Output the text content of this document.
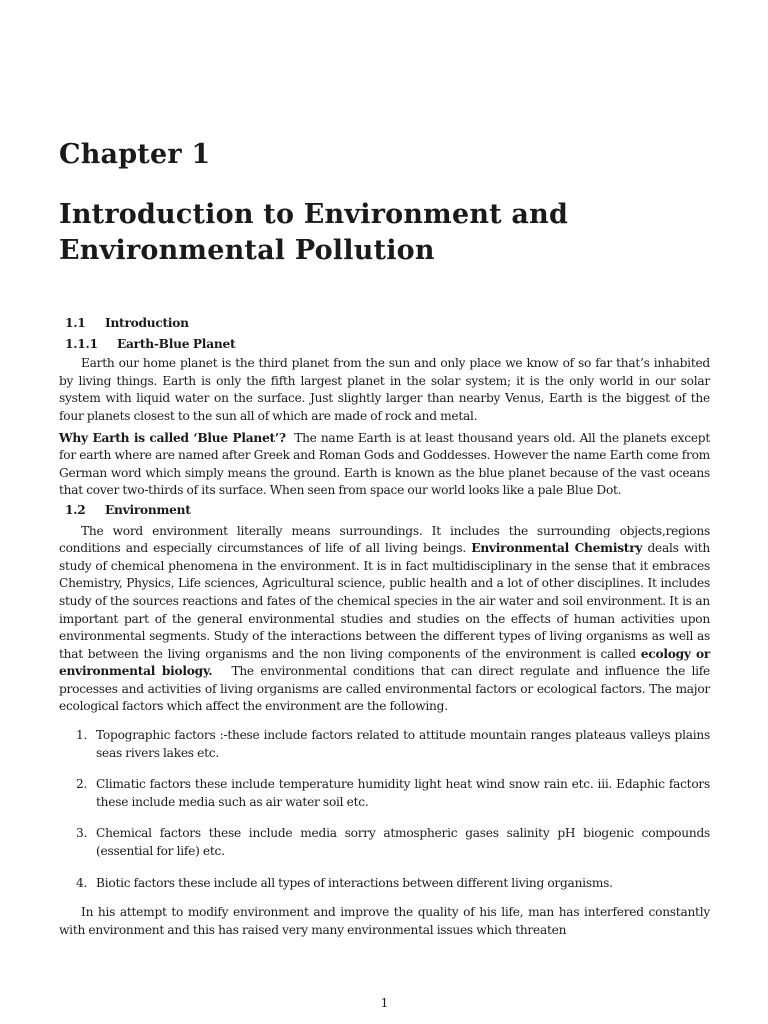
Chapter 1
Introduction to Environment and
Environmental Pollution
1.1 Introduction
1.1.1 Earth-Blue Planet

Earth our home planet is the third planet from the sun and only place we know of so far that’s inhabited by living things. Earth is only the fifth largest planet in the solar system; it is the only world in our solar system with liquid water on the surface. Just slightly larger than nearby Venus, Earth is the biggest of the four planets closest to the sun all of which are made of rock and metal.

Why Earth is called ‘Blue Planet’? The name Earth is at least thousand years old. All the planets except for earth where are named after Greek and Roman Gods and Goddesses. However the name Earth come from German word which simply means the ground. Earth is known as the blue planet because of the vast oceans that cover two-thirds of its surface. When seen from space our world looks like a pale Blue Dot.

1.2 Environment

The word environment literally means surroundings. It includes the surrounding objects,regions conditions and especially circumstances of life of all living beings. Environmental Chemistry deals with study of chemical phenomena in the environment. It is in fact multidisciplinary in the sense that it embraces Chemistry, Physics, Life sciences, Agricultural science, public health and a lot of other disciplines. It includes study of the sources reactions and fates of the chemical species in the air water and soil environment. It is an important part of the general environmental studies and studies on the effects of human activities upon environmental segments. Study of the interactions between the different types of living organisms as well as that between the living organisms and the non living components of the environment is called ecology or environmental biology. The environmental conditions that can direct regulate and influence the life processes and activities of living organisms are called environmental factors or ecological factors. The major ecological factors which affect the environment are the following.

1. Topographic factors :-these include factors related to attitude mountain ranges plateaus valleys plains seas rivers lakes etc.
2. Climatic factors these include temperature humidity light heat wind snow rain etc. iii. Edaphic factors these include media such as air water soil etc.
3. Chemical factors these include media sorry atmospheric gases salinity pH biogenic compounds (essential for life) etc.
4. Biotic factors these include all types of interactions between different living organisms.

In his attempt to modify environment and improve the quality of his life, man has interfered constantly with environment and this has raised very many environmental issues which threaten

1
